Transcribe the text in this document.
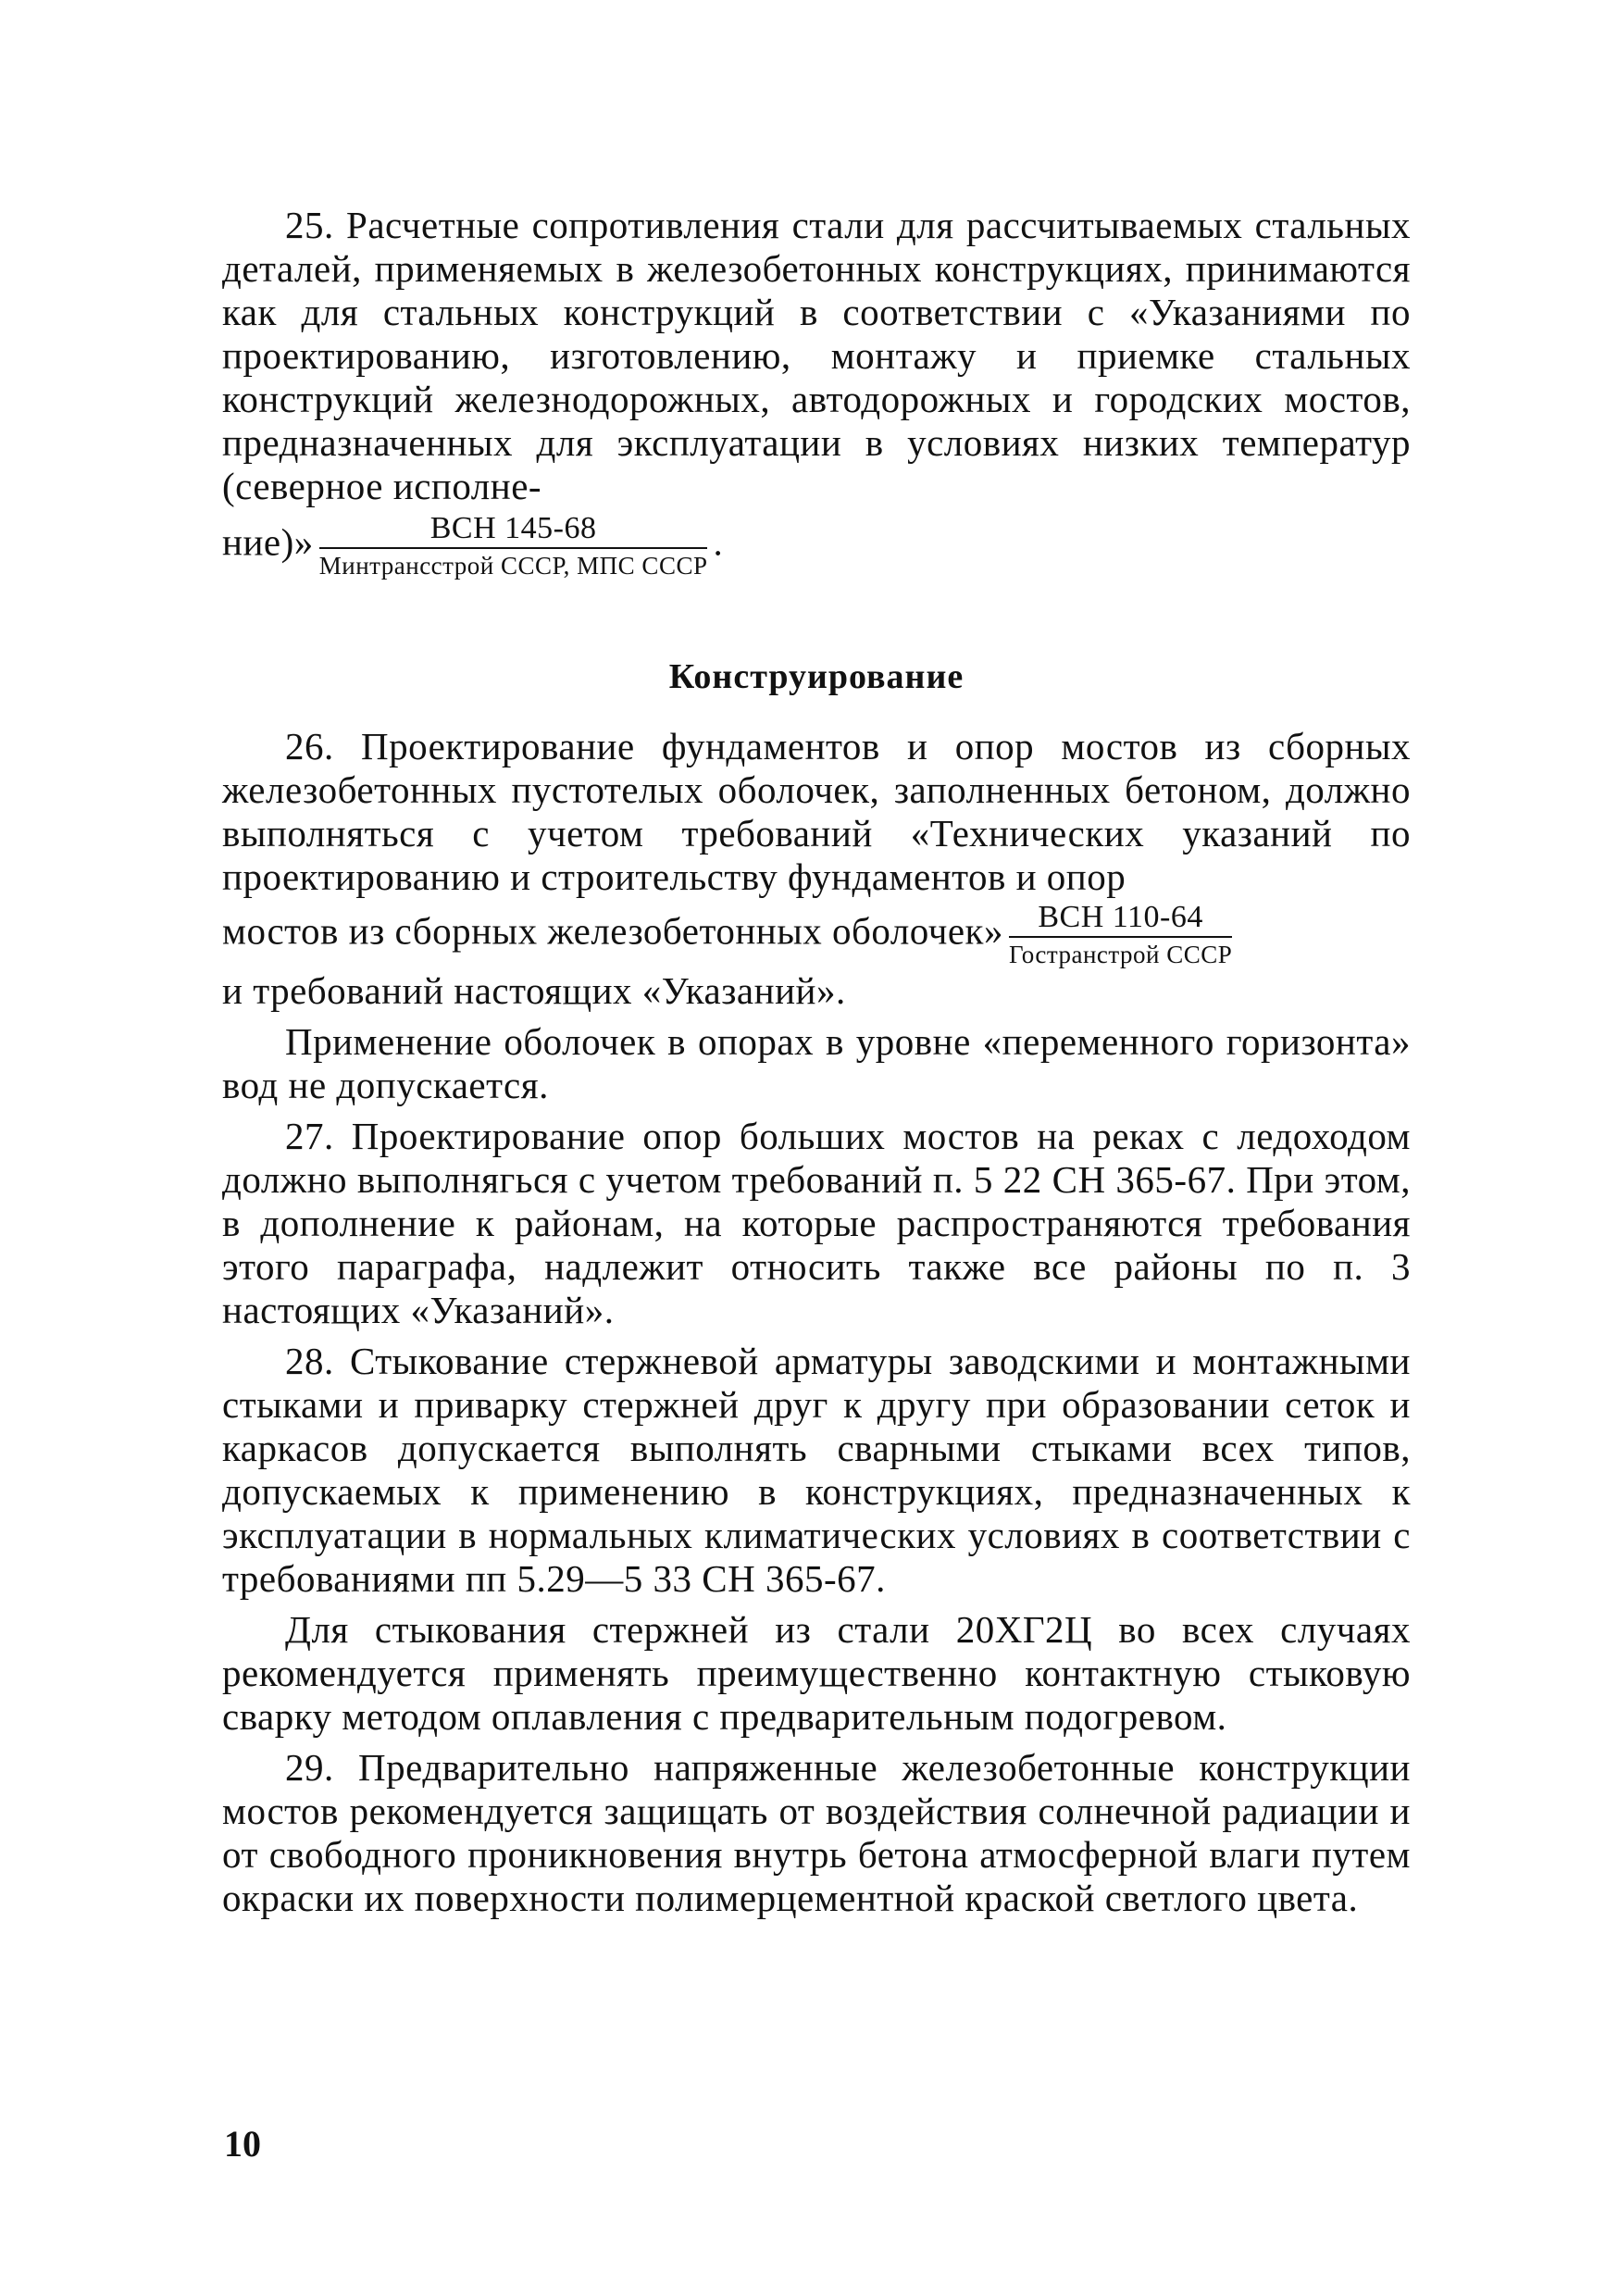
25. Расчетные сопротивления стали для рассчитываемых стальных деталей, применяемых в железобетонных конструкциях, принимаются как для стальных конструкций в соответствии с «Указаниями по проектированию, изготовлению, монтажу и приемке стальных конструкций железнодорожных, автодорожных и городских мостов, предназначенных для эксплуатации в условиях низких температур (северное исполне-

ние)» $\frac{\text{ВСН 145-68}}{\text{Минтрансстрой СССР, МПС СССР}}$ .

Конструирование

26. Проектирование фундаментов и опор мостов из сборных железобетонных пустотелых оболочек, заполненных бетоном, должно выполняться с учетом требований «Технических указаний по проектированию и строительству фундаментов и опор

мостов из сборных железобетонных оболочек» $\frac{\text{ВСН 110-64}}{\text{Гостранстрой СССР}}$

и требований настоящих «Указаний».

Применение оболочек в опорах в уровне «переменного горизонта» вод не допускается.

27. Проектирование опор больших мостов на реках с ледоходом должно выполнягься с учетом требований п. 5 22 СН 365-67. При этом, в дополнение к районам, на которые распространяются требования этого параграфа, надлежит относить также все районы по п. 3 настоящих «Указаний».

28. Стыкование стержневой арматуры заводскими и монтажными стыками и приварку стержней друг к другу при образовании сеток и каркасов допускается выполнять сварными стыками всех типов, допускаемых к применению в конструкциях, предназначенных к эксплуатации в нормальных климатических условиях в соответствии с требованиями пп 5.29—5 33 СН 365-67.

Для стыкования стержней из стали 20ХГ2Ц во всех случаях рекомендуется применять преимущественно контактную стыковую сварку методом оплавления с предварительным подогревом.

29. Предварительно напряженные железобетонные конструкции мостов рекомендуется защищать от воздействия солнечной радиации и от свободного проникновения внутрь бетона атмосферной влаги путем окраски их поверхности полимерцементной краской светлого цвета.

10
